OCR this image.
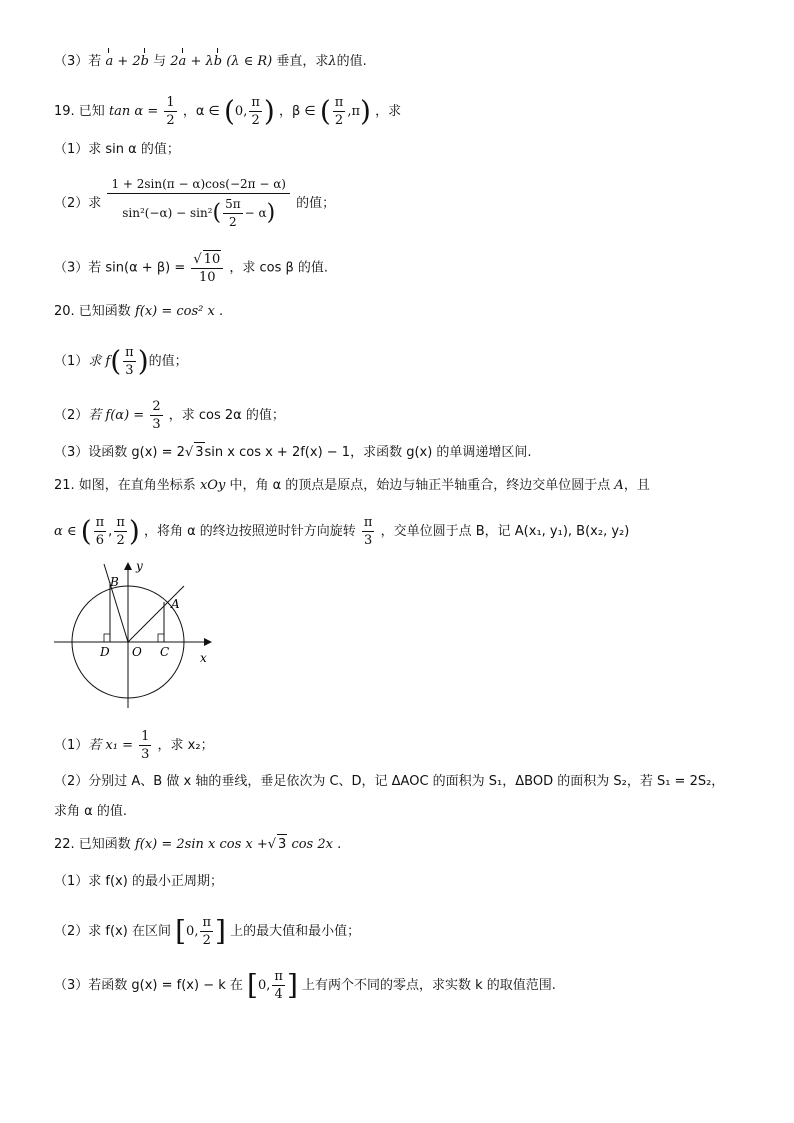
（3）若 a + 2b 与 2a + λb (λ ∈ R) 垂直，求λ的值.
19. 已知 $\tan \alpha = \frac{1}{2}$ ，α ∈ (0, $\frac{\pi}{2}$ ) ，β ∈ ( $\frac{\pi}{2} ,\pi$) ，求
（1）求 sin α 的值；
（2）求 $\frac{1 + 2\sin(\pi - \alpha)\cos(-2\pi - \alpha)}{\sin^2(-\alpha) - \sin^2( \frac{5\pi}{2} - \alpha)}$ 的值；
（3）若 $\sin(\alpha + \beta) = \frac{√ 10}{10}$ ，求 cos β 的值.
20. 已知函数 f(x) = cos² x .
（1）求 $f( \frac{\pi}{3}$ )的值；
（2）若 $f(\alpha) = \frac{2}{3}$ ，求 cos 2α 的值；
（3）设函数 g(x) = 2√ 3sin x cos x + 2f(x) − 1，求函数 g(x) 的单调递增区间.
21. 如图，在直角坐标系 xOy 中，角 α 的顶点是原点，始边与轴正半轴重合，终边交单位圆于点 A，且
α ∈ ( $\frac{\pi}{6}$ , $\frac{\pi}{2}$ ) ，将角 α 的终边按照逆时针方向旋转 $\frac{\pi}{3}$ ，交单位圆于点 B，记 A(x₁, y₁), B(x₂, y₂)
y
x
B
A
D O C
（1）若 $x_1 = \frac{1}{3}$ ，求 x₂；
（2）分别过 A、B 做 x 轴的垂线，垂足依次为 C、D，记 ΔAOC 的面积为 S₁，ΔBOD 的面积为 S₂，若 S₁ = 2S₂，
求角 α 的值.
22. 已知函数 f(x) = 2sin x cos x +√ 3 cos 2x .
（1）求 f(x) 的最小正周期；
（2）求 f(x) 在区间 [0, $\frac{\pi}{2}$ ] 上的最大值和最小值；
（3）若函数 g(x) = f(x) − k 在 [0, $\frac{\pi}{4}$ ] 上有两个不同的零点，求实数 k 的取值范围.
